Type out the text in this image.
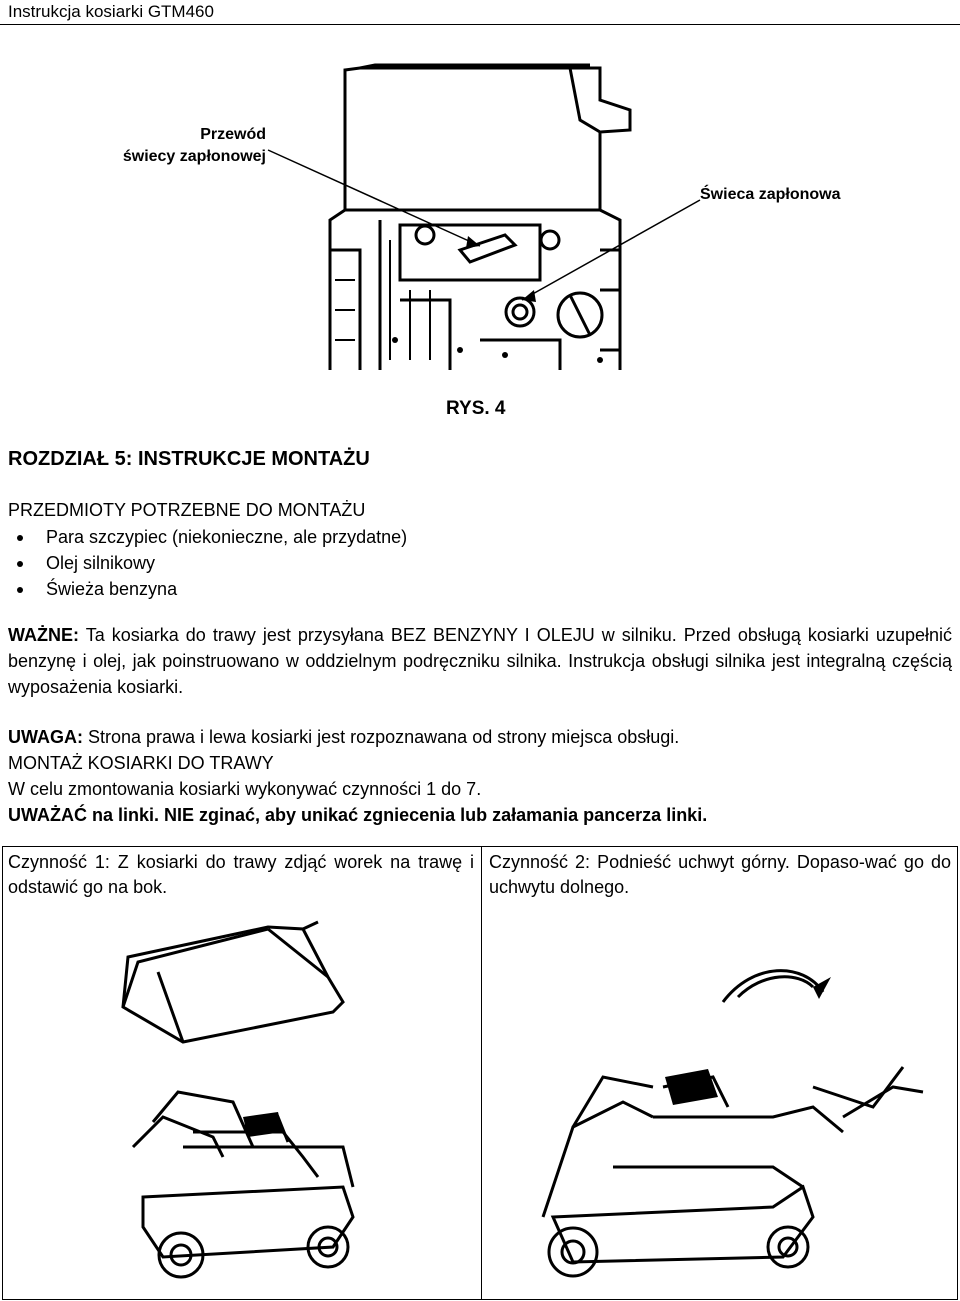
Instrukcja kosiarki GTM460
Przewód
świecy zapłonowej
Świeca zapłonowa
RYS. 4
ROZDZIAŁ 5: INSTRUKCJE MONTAŻU
PRZEDMIOTY POTRZEBNE DO MONTAŻU
Para szczypiec (niekonieczne, ale przydatne)
Olej silnikowy
Świeża benzyna
WAŻNE: Ta kosiarka do trawy jest przysyłana BEZ BENZYNY I OLEJU w silniku. Przed obsługą kosiarki uzupełnić benzynę i olej, jak poinstruowano w oddzielnym podręczniku silnika. Instrukcja obsługi silnika jest integralną częścią wyposażenia kosiarki.
UWAGA: Strona prawa i lewa kosiarki jest rozpoznawana od strony miejsca obsługi.
MONTAŻ KOSIARKI DO TRAWY
W celu zmontowania kosiarki wykonywać czynności 1 do 7.
UWAŻAĆ na linki. NIE zginać, aby unikać zgniecenia lub załamania pancerza linki.
Czynność 1: Z kosiarki do trawy zdjąć worek na trawę i odstawić go na bok.
Czynność 2: Podnieść uchwyt górny. Dopaso-wać go do uchwytu dolnego.
